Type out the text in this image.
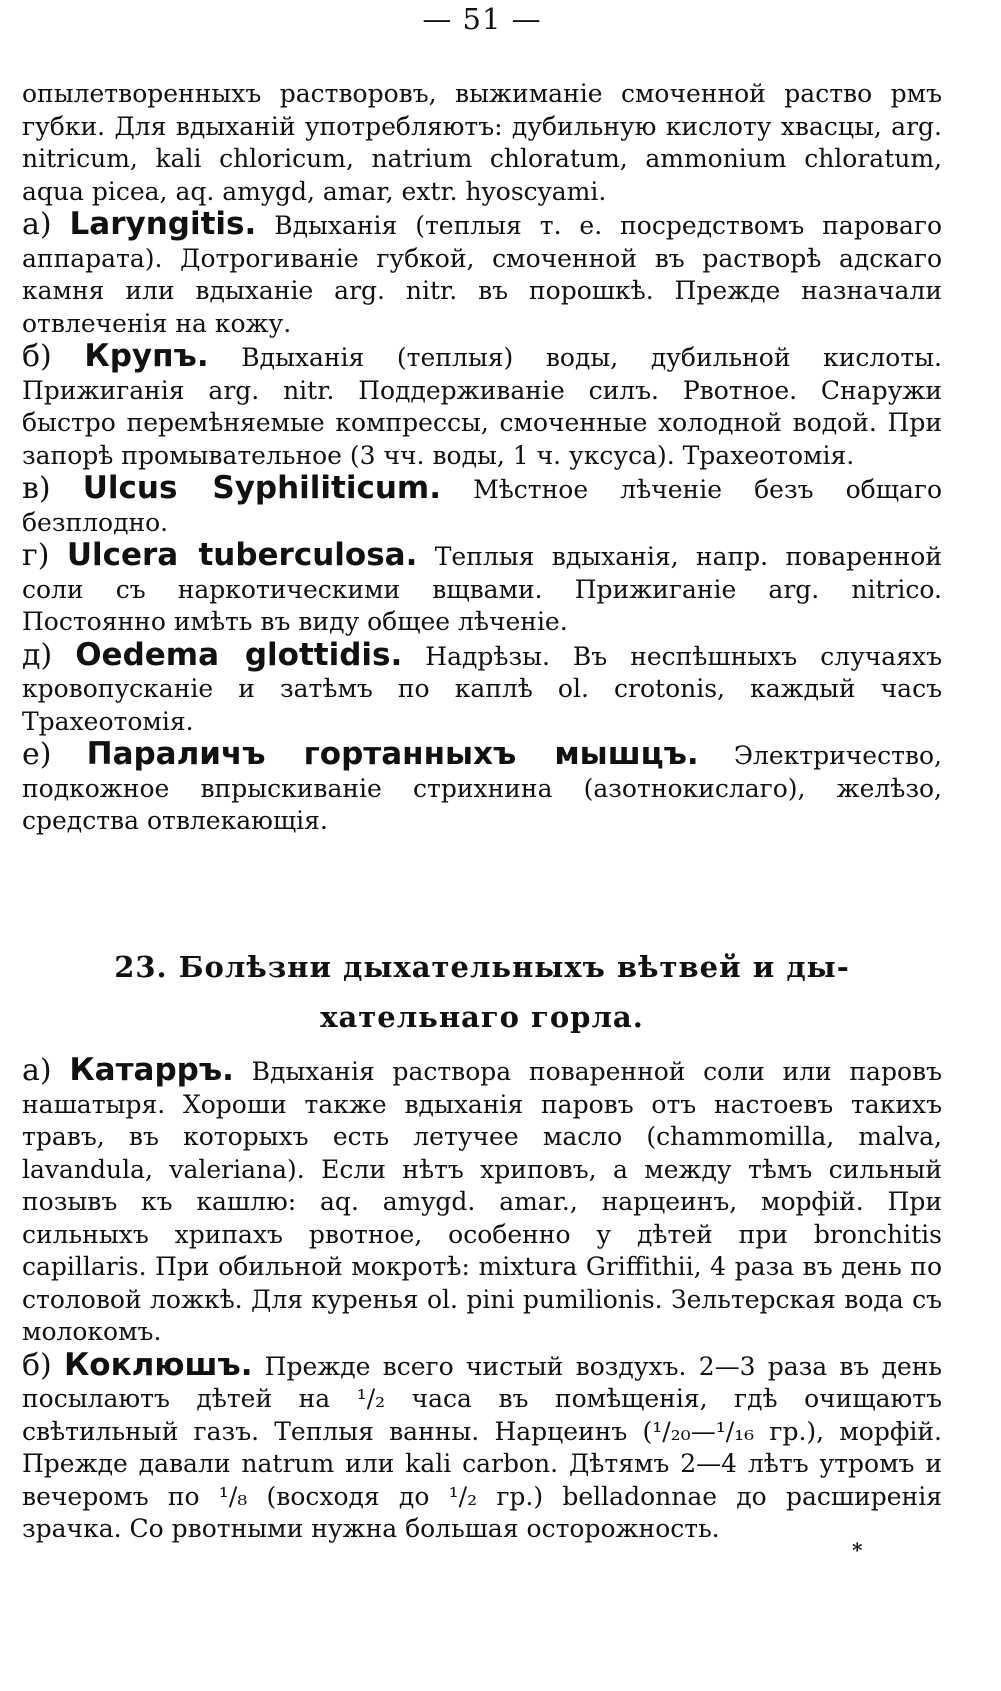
— 51 —

опылетворенныхъ растворовъ, выжиманіе смоченной раство рмъ губки. Для вдыханій употребляютъ: дубильную кислоту хвасцы, arg. nitricum, kali chloricum, natrium chloratum, ammonium chloratum, aqua picea, aq. amygd, amar, extr. hyoscyami.

а) Laryngitis. Вдыханія (теплыя т. е. посредствомъ пароваго аппарата). Дотрогиваніе губкой, смоченной въ растворѣ адскаго камня или вдыханіе arg. nitr. въ порошкѣ. Прежде назначали отвлеченія на кожу.

б) Крупъ. Вдыханія (теплыя) воды, дубильной кислоты. Прижиганія arg. nitr. Поддерживаніе силъ. Рвотное. Снаружи быстро перемѣняемые компрессы, смоченные холодной водой. При запорѣ промывательное (3 чч. воды, 1 ч. уксуса). Трахеотомія.

в) Ulcus Syphiliticum. Мѣстное лѣченіе безъ общаго безплодно.

г) Ulcera tuberculosa. Теплыя вдыханія, напр. поваренной соли съ наркотическими вщвами. Прижиганіе arg. nitrico. Постоянно имѣть въ виду общее лѣченіе.

д) Oedema glottidis. Надрѣзы. Въ неспѣшныхъ случаяхъ кровопусканіе и затѣмъ по каплѣ ol. crotonis, каждый часъ Трахеотомія.

е) Параличъ гортанныхъ мышцъ. Электричество, подкожное впрыскиваніе стрихнина (азотнокислаго), желѣзо, средства отвлекающія.

23. Болѣзни дыхательныхъ вѣтвей и ды-
хательнаго горла.

а) Катарръ. Вдыханія раствора поваренной соли или паровъ нашатыря. Хороши также вдыханія паровъ отъ настоевъ такихъ травъ, въ которыхъ есть летучее масло (chammomilla, malva, lavandula, valeriana). Если нѣтъ хриповъ, а между тѣмъ сильный позывъ къ кашлю: aq. amygd. amar., нарцеинъ, морфій. При сильныхъ хрипахъ рвотное, особенно у дѣтей при bronchitis capillaris. При обильной мокротѣ: mixtura Griffithii, 4 раза въ день по столовой ложкѣ. Для куренья ol. pini pumilionis. Зельтерская вода съ молокомъ.

б) Коклюшъ. Прежде всего чистый воздухъ. 2—3 раза въ день посылаютъ дѣтей на ¹/₂ часа въ помѣщенія, гдѣ очищаютъ свѣтильный газъ. Теплыя ванны. Нарцеинъ (¹/₂₀—¹/₁₆ гр.), морфій. Прежде давали natrum или kali carbon. Дѣтямъ 2—4 лѣтъ утромъ и вечеромъ по ¹/₈ (восходя до ¹/₂ гр.) belladonnae до расширенія зрачка. Со рвотными нужна большая осторожность.

*
